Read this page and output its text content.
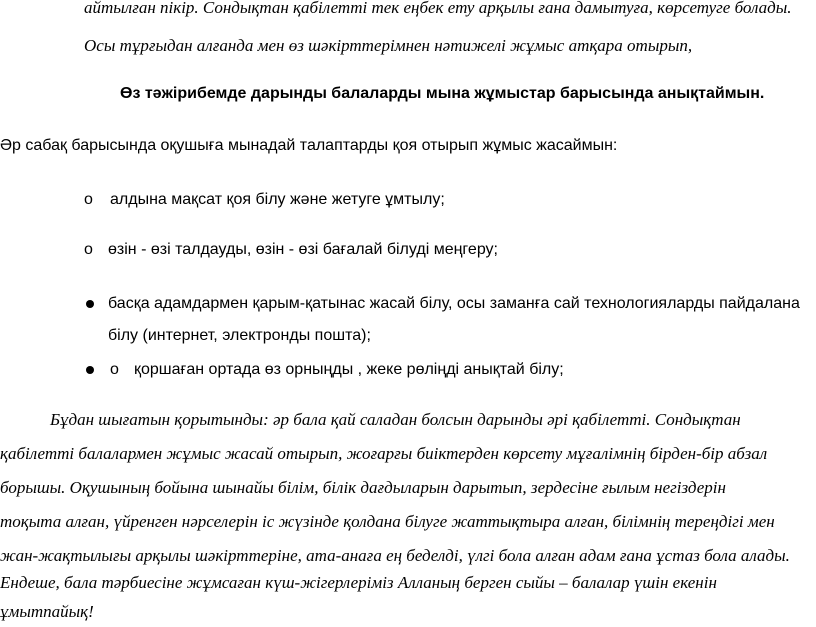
айтылған пікір. Сондықтан қабілетті тек еңбек ету арқылы ғана дамытуға, көрсетуге болады.

Осы тұрғыдан алғанда мен өз шәкірттерімнен нәтижелі жұмыс атқара отырып,

Өз тәжірибемде дарынды балаларды мына жұмыстар барысында анықтаймын.

Әр сабақ барысында оқушыға мынадай талаптарды қоя отырып жұмыс жасаймын:

o алдына мақсат қоя білу және жетуге ұмтылу;

o өзін - өзі талдауды, өзін - өзі бағалай білуді меңгеру;

басқа адамдармен қарым-қатынас жасай білу, осы заманға сай технологияларды пайдалана

білу (интернет, электронды пошта);

o қоршаған ортада өз орныңды , жеке рөліңді анықтай білу;

Бұдан шығатын қорытынды: әр бала қай саладан болсын дарынды әрі қабілетті. Сондықтан

қабілетті балалармен жұмыс жасай отырып, жоғарғы биіктерден көрсету мұғалімнің бірден-бір абзал

борышы. Оқушының бойына шынайы білім, білік дағдыларын дарытып, зердесіне ғылым негіздерін

тоқыта алған, үйренген нәрселерін іс жүзінде қолдана білуге жаттықтыра алған, білімнің тереңдігі мен

жан-жақтылығы арқылы шәкірттеріне, ата-анаға ең беделді, үлгі бола алған адам ғана ұстаз бола алады.

Ендеше, бала тәрбиесіне жұмсаған күш-жігерлеріміз Алланың берген сыйы – балалар үшін екенін

ұмытпайық!
